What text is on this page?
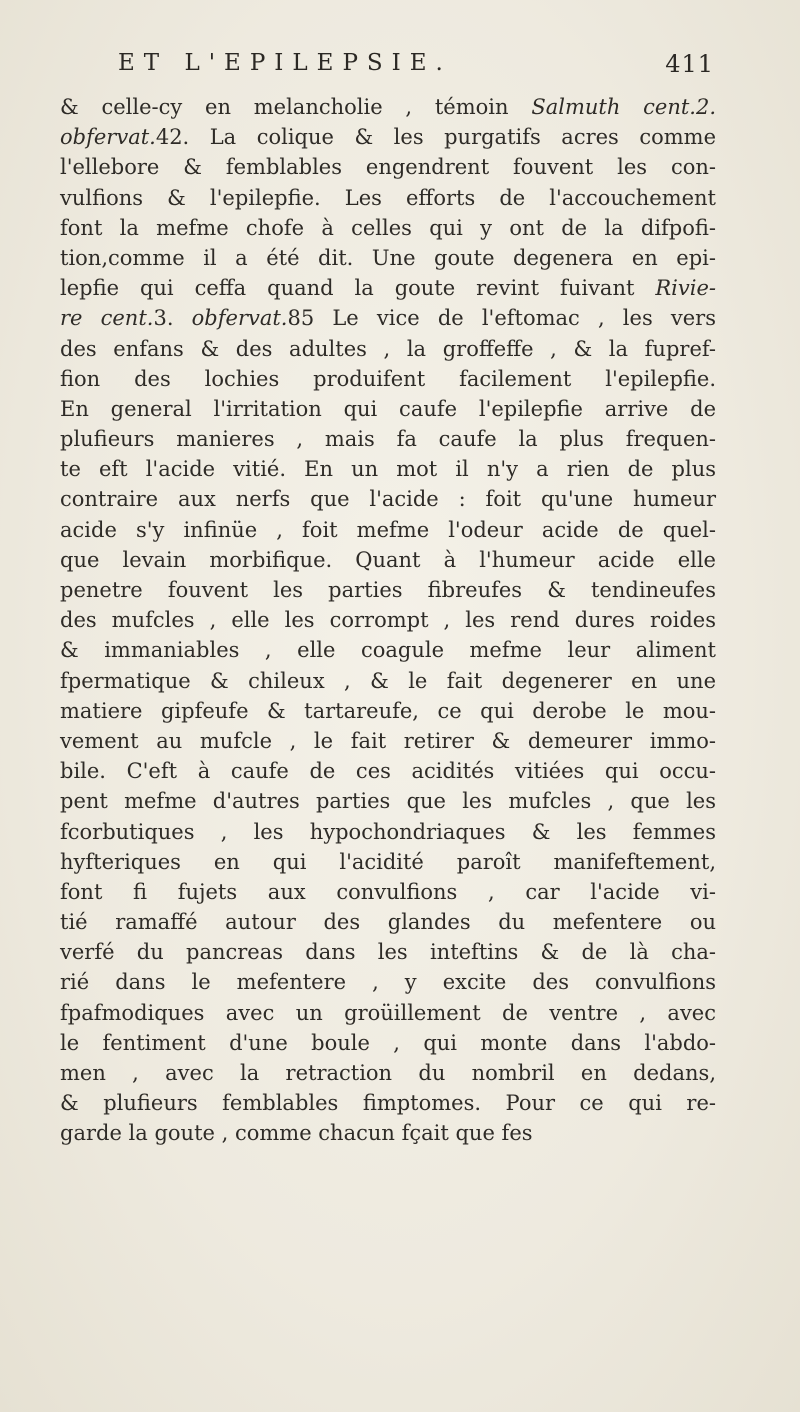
ET L'EPILEPSIE.	411
& celle-cy en melancholie , témoin Salmuth cent.2.
obfervat.42. La colique & les purgatifs acres comme
l'ellebore & femblables engendrent fouvent les con-
vulfions & l'epilepfie. Les efforts de l'accouchement
font la mefme chofe à celles qui y ont de la difpofi-
tion,comme il a été dit. Une goute degenera en epi-
lepfie qui ceffa quand la goute revint fuivant Rivie-
re cent.3. obfervat.85 Le vice de l'eftomac , les vers
des enfans & des adultes , la groffeffe , & la fupref-
fion des lochies produifent facilement l'epilepfie.
En general l'irritation qui caufe l'epilepfie arrive de
plufieurs manieres , mais fa caufe la plus frequen-
te eft l'acide vitié. En un mot il n'y a rien de plus
contraire aux nerfs que l'acide : foit qu'une humeur
acide s'y infinüe , foit mefme l'odeur acide de quel-
que levain morbifique. Quant à l'humeur acide elle
penetre fouvent les parties fibreufes & tendineufes
des mufcles , elle les corrompt , les rend dures roides
& immaniables , elle coagule mefme leur aliment
fpermatique & chileux , & le fait degenerer en une
matiere gipfeufe & tartareufe, ce qui derobe le mou-
vement au mufcle , le fait retirer & demeurer immo-
bile. C'eft à caufe de ces acidités vitiées qui occu-
pent mefme d'autres parties que les mufcles , que les
fcorbutiques , les hypochondriaques & les femmes
hyfteriques en qui l'acidité paroît manifeftement,
font fi fujets aux convulfions , car l'acide vi-
tié ramaffé autour des glandes du mefentere ou
verfé du pancreas dans les inteftins & de là cha-
rié dans le mefentere , y excite des convulfions
fpafmodiques avec un groüillement de ventre , avec
le fentiment d'une boule , qui monte dans l'abdo-
men , avec la retraction du nombril en dedans,
& plufieurs femblables fimptomes. Pour ce qui re-
garde la goute , comme chacun fçait que fes
